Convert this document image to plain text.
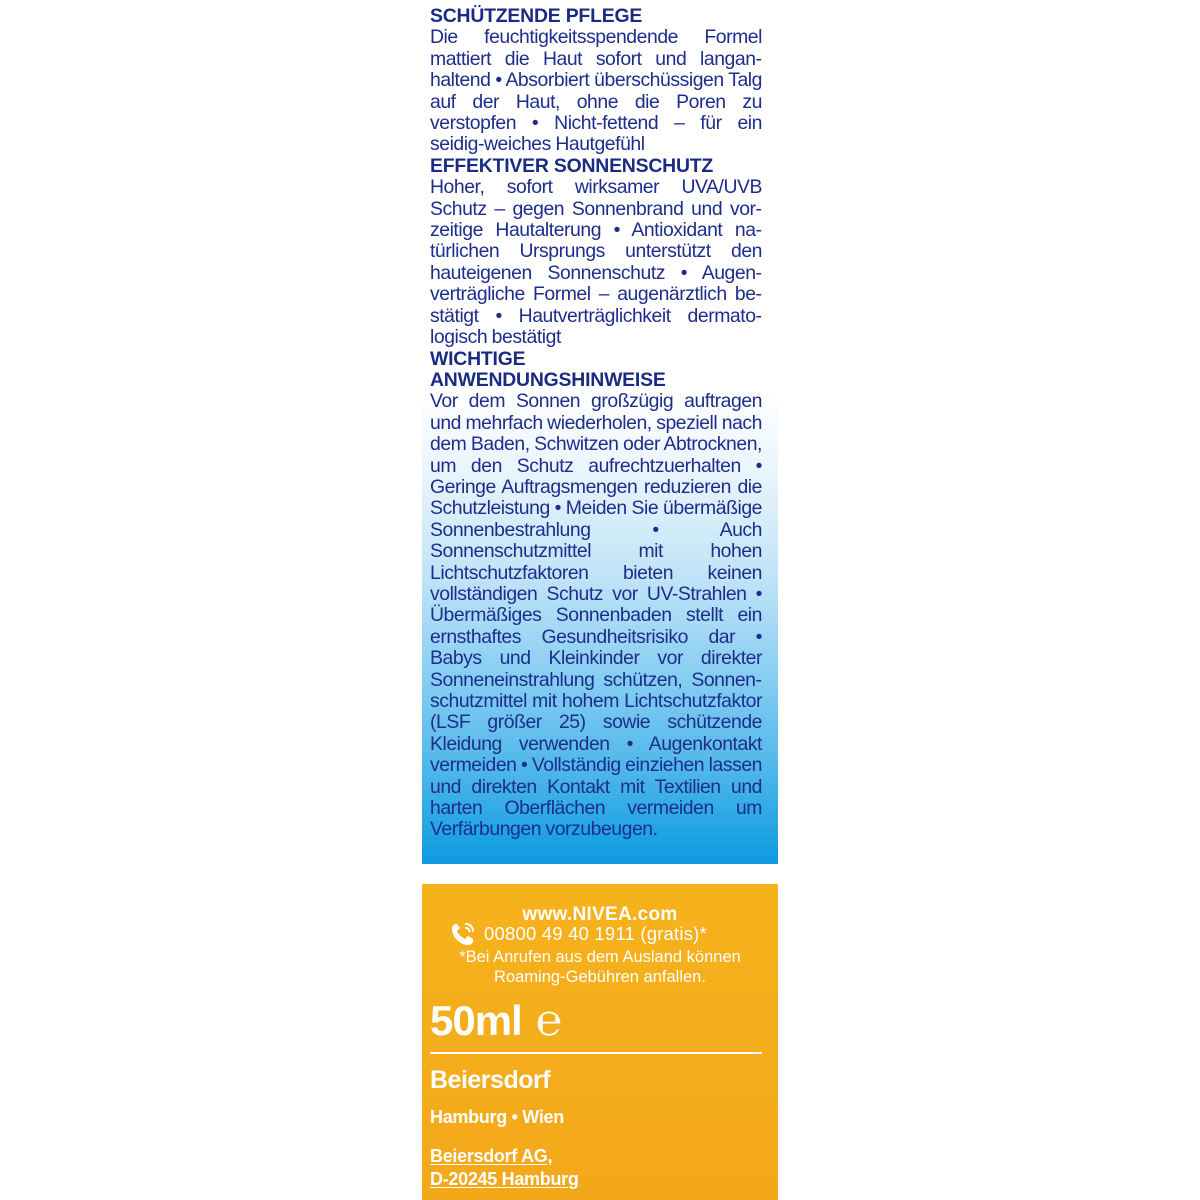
SCHÜTZENDE PFLEGE
Die feuchtigkeitsspendende Formel mattiert die Haut sofort und langanhaltend • Absorbiert überschüssigen Talg auf der Haut, ohne die Poren zu verstopfen • Nicht-fettend – für ein seidig-weiches Hautgefühl
EFFEKTIVER SONNENSCHUTZ
Hoher, sofort wirksamer UVA/UVB Schutz – gegen Sonnenbrand und vorzeitige Hautalterung • Antioxidant natürlichen Ursprungs unterstützt den hauteigenen Sonnenschutz • Augenverträgliche Formel – augenärztlich bestätigt • Hautverträglichkeit dermatologisch bestätigt
WICHTIGE ANWENDUNGSHINWEISE
Vor dem Sonnen großzügig auftragen und mehrfach wiederholen, speziell nach dem Baden, Schwitzen oder Abtrocknen, um den Schutz aufrechtzuerhalten • Geringe Auftragsmengen reduzieren die Schutzleistung • Meiden Sie übermäßige Sonnenbestrahlung • Auch Sonnenschutzmittel mit hohen Lichtschutzfaktoren bieten keinen vollständigen Schutz vor UV-Strahlen • Übermäßiges Sonnenbaden stellt ein ernsthaftes Gesundheitsrisiko dar • Babys und Kleinkinder vor direkter Sonneneinstrahlung schützen, Sonnenschutzmittel mit hohem Lichtschutzfaktor (LSF größer 25) sowie schützende Kleidung verwenden • Augenkontakt vermeiden • Vollständig einziehen lassen und direkten Kontakt mit Textilien und harten Oberflächen vermeiden um Verfärbungen vorzubeugen.
www.NIVEA.com
00800 49 40 1911 (gratis)*
*Bei Anrufen aus dem Ausland können Roaming-Gebühren anfallen.
50ml ℮
Beiersdorf
Hamburg • Wien
Beiersdorf AG,
D-20245 Hamburg
